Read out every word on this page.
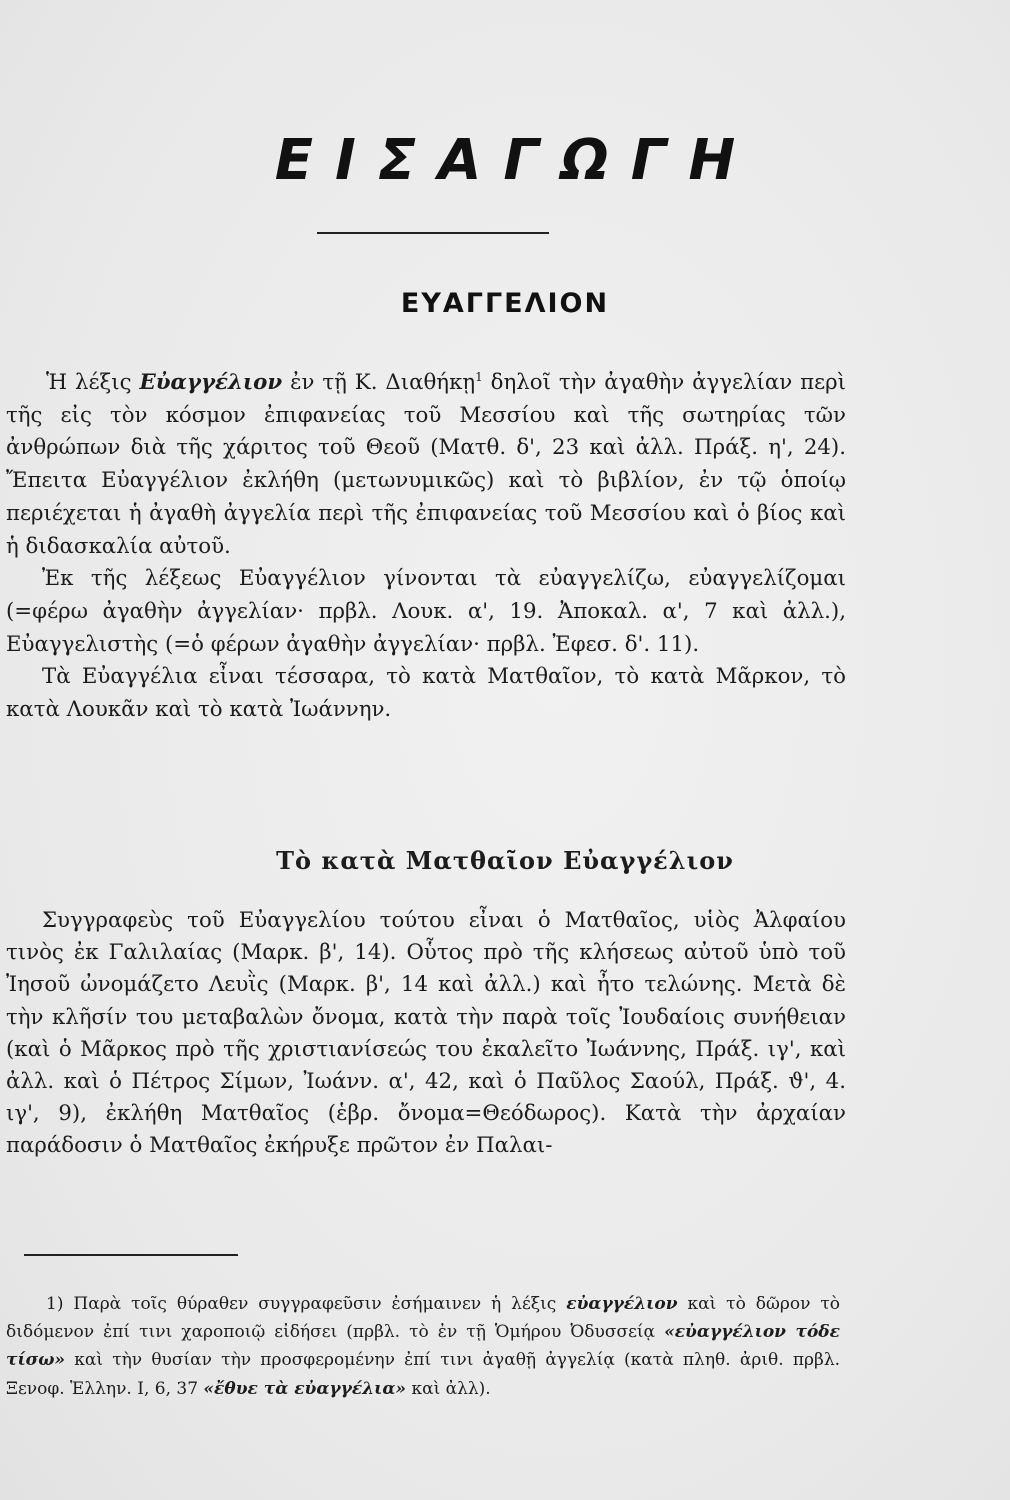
ΕΙΣΑΓΩΓΗ
ΕΥΑΓΓΕΛΙΟΝ

Ἡ λέξις Εὐαγγέλιον ἐν τῇ Κ. Διαθήκῃ$^1$ δηλοῖ τὴν ἀγαθὴν ἀγγελίαν περὶ τῆς εἰς τὸν κόσμον ἐπιφανείας τοῦ Μεσσίου καὶ τῆς σωτηρίας τῶν ἀνθρώπων διὰ τῆς χάριτος τοῦ Θεοῦ (Ματθ. δ', 23 καὶ ἀλλ. Πράξ. η', 24). Ἔπειτα Εὐαγγέλιον ἐκλήθη (μετωνυμικῶς) καὶ τὸ βιβλίον, ἐν τῷ ὁποίῳ περιέχεται ἡ ἀγαθὴ ἀγγελία περὶ τῆς ἐπιφανείας τοῦ Μεσσίου καὶ ὁ βίος καὶ ἡ διδασκαλία αὐτοῦ.

Ἐκ τῆς λέξεως Εὐαγγέλιον γίνονται τὰ εὐαγγελίζω, εὐαγγελίζομαι (=φέρω ἀγαθὴν ἀγγελίαν· πρβλ. Λουκ. α', 19. Ἀποκαλ. α', 7 καὶ ἀλλ.), Εὐαγγελιστὴς (=ὁ φέρων ἀγαθὴν ἀγγελίαν· πρβλ. Ἐφεσ. δ'. 11).

Τὰ Εὐαγγέλια εἶναι τέσσαρα, τὸ κατὰ Ματθαῖον, τὸ κατὰ Μᾶρκον, τὸ κατὰ Λουκᾶν καὶ τὸ κατὰ Ἰωάννην.

Τὸ κατὰ Ματθαῖον Εὐαγγέλιον

Συγγραφεὺς τοῦ Εὐαγγελίου τούτου εἶναι ὁ Ματθαῖος, υἱὸς Ἀλφαίου τινὸς ἐκ Γαλιλαίας (Μαρκ. β', 14). Οὗτος πρὸ τῆς κλήσεως αὐτοῦ ὑπὸ τοῦ Ἰησοῦ ὠνομάζετο Λευῒς (Μαρκ. β', 14 καὶ ἀλλ.) καὶ ἦτο τελώνης. Μετὰ δὲ τὴν κλῆσίν του μεταβαλὼν ὄνομα, κατὰ τὴν παρὰ τοῖς Ἰουδαίοις συνήθειαν (καὶ ὁ Μᾶρκος πρὸ τῆς χριστιανίσεώς του ἐκαλεῖτο Ἰωάννης, Πράξ. ιγ', καὶ ἀλλ. καὶ ὁ Πέτρος Σίμων, Ἰωάνν. α', 42, καὶ ὁ Παῦλος Σαούλ, Πράξ. ϑ', 4. ιγ', 9), ἐκλήθη Ματθαῖος (ἑβρ. ὄνομα=Θεόδωρος). Κατὰ τὴν ἀρχαίαν παράδοσιν ὁ Ματθαῖος ἐκήρυξε πρῶτον ἐν Παλαι-

1) Παρὰ τοῖς θύραθεν συγγραφεῦσιν ἐσήμαινεν ἡ λέξις εὐαγγέλιον καὶ τὸ δῶρον τὸ διδόμενον ἐπί τινι χαροποιῷ εἰδήσει (πρβλ. τὸ ἐν τῇ Ὁμήρου Ὀδυσσείᾳ «εὐαγγέλιον τόδε τίσω» καὶ τὴν θυσίαν τὴν προσφερομένην ἐπί τινι ἀγαθῇ ἀγγελίᾳ (κατὰ πληθ. ἀριθ. πρβλ. Ξενοφ. Ἑλλην. Ι, 6, 37 «ἔθυε τὰ εὐαγγέλια» καὶ ἀλλ).
